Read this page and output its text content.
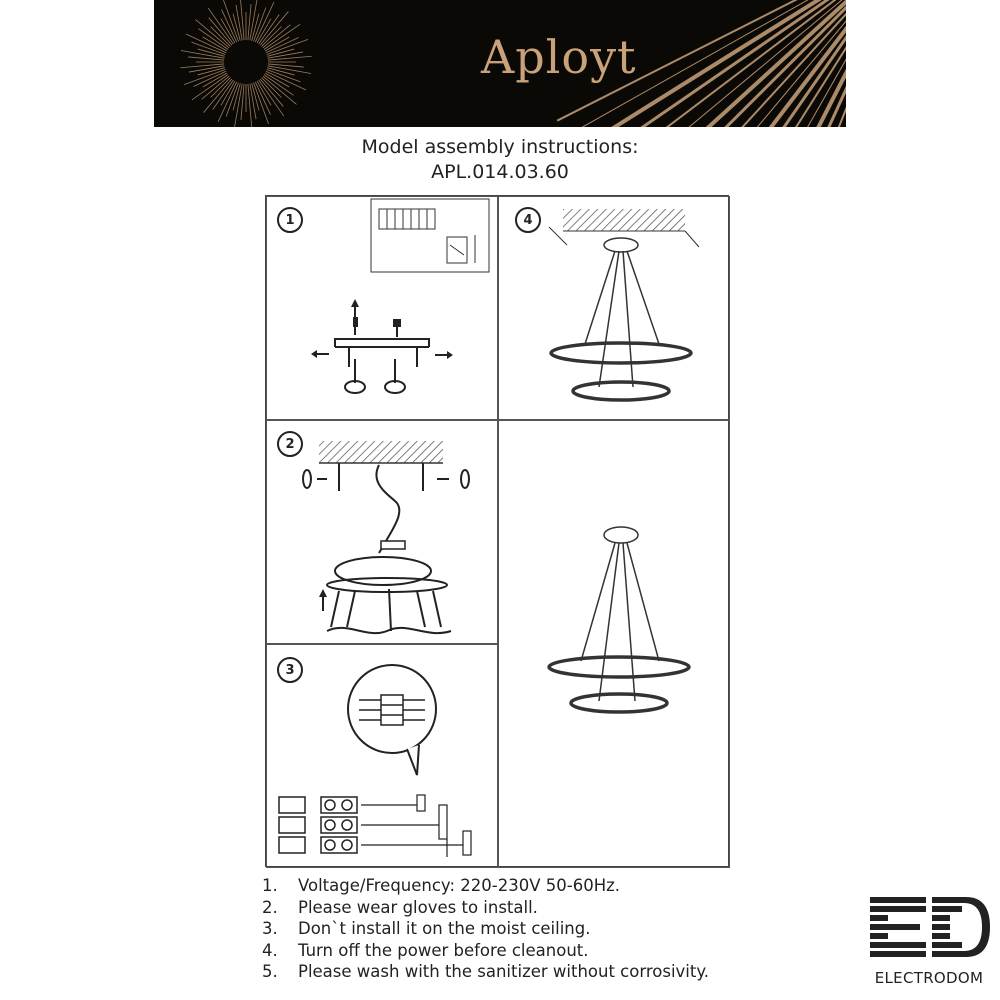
Aployt
Model assembly instructions:
APL.014.03.60
1	4
2
3
1. Voltage/Frequency: 220-230V 50-60Hz.
2. Please wear gloves to install.
3. Don`t install it on the moist ceiling.
4. Turn off the power before cleanout.
5. Please wash with the sanitizer without corrosivity.	ELECTRODOM
